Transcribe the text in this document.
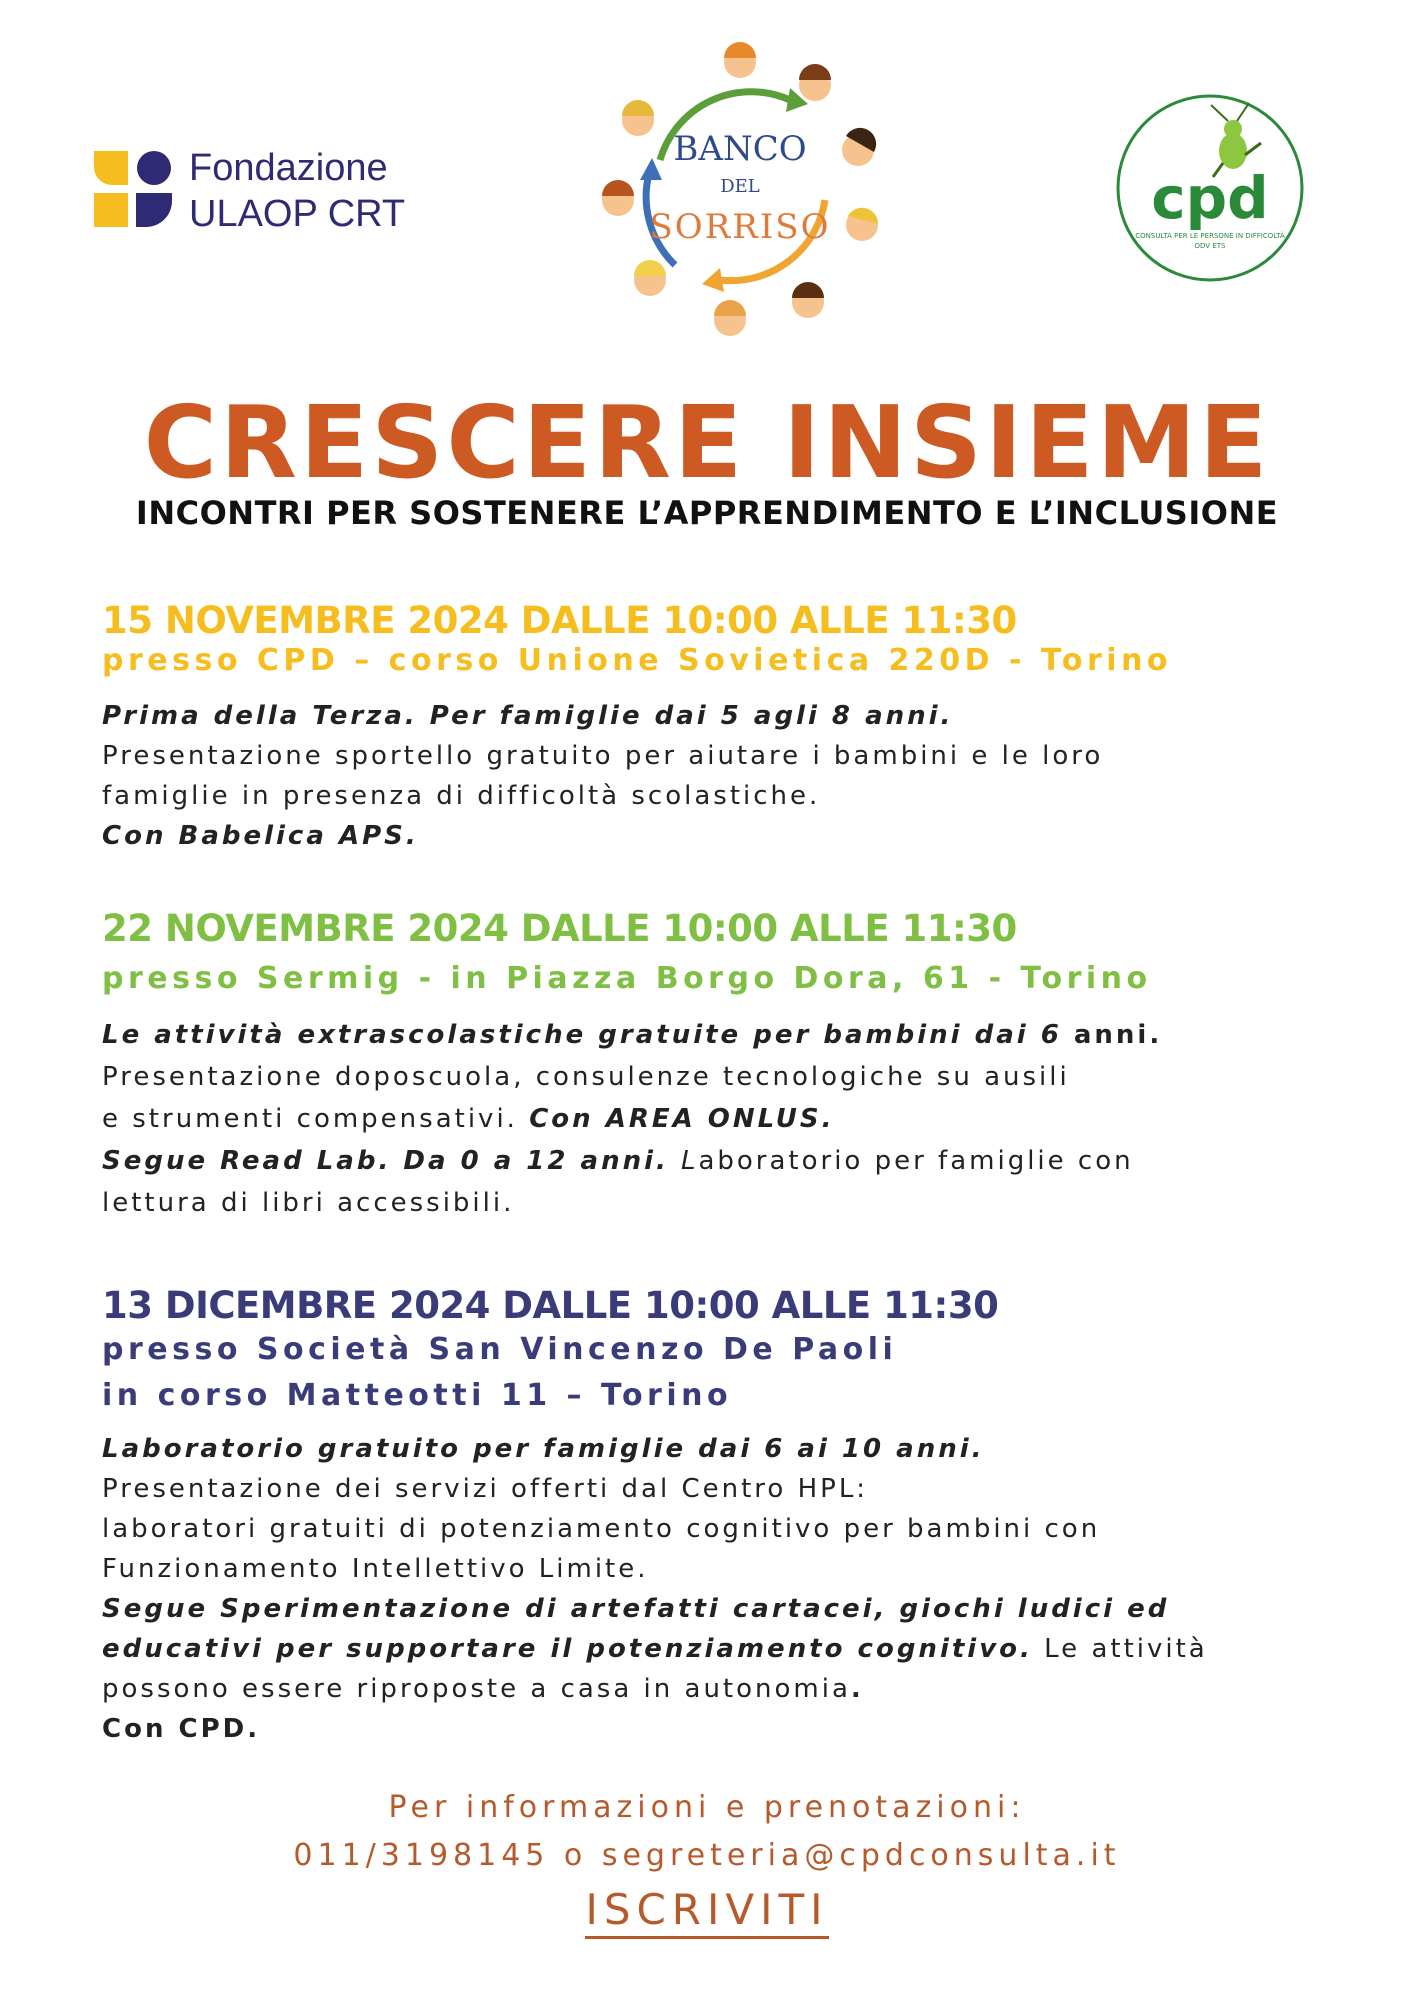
Fondazione
ULAOP CRT
BANCO
DEL
SORRISO	cpd
CONSULTA PER LE PERSONE IN DIFFICOLTÀ
ODV ETS
CRESCERE INSIEME
INCONTRI PER SOSTENERE L’APPRENDIMENTO E L’INCLUSIONE
15 NOVEMBRE 2024 DALLE 10:00 ALLE 11:30
presso CPD – corso Unione Sovietica 220D - Torino
Prima della Terza. Per famiglie dai 5 agli 8 anni.
Presentazione sportello gratuito per aiutare i bambini e le loro
famiglie in presenza di difficoltà scolastiche.
Con Babelica APS.
22 NOVEMBRE 2024 DALLE 10:00 ALLE 11:30
presso Sermig - in Piazza Borgo Dora, 61 - Torino
Le attività extrascolastiche gratuite per bambini dai 6 anni.
Presentazione doposcuola, consulenze tecnologiche su ausili
e strumenti compensativi. Con AREA ONLUS.
Segue Read Lab. Da 0 a 12 anni. Laboratorio per famiglie con
lettura di libri accessibili.
13 DICEMBRE 2024 DALLE 10:00 ALLE 11:30
presso Società San Vincenzo De Paoli
in corso Matteotti 11 – Torino
Laboratorio gratuito per famiglie dai 6 ai 10 anni.
Presentazione dei servizi offerti dal Centro HPL:
laboratori gratuiti di potenziamento cognitivo per bambini con
Funzionamento Intellettivo Limite.
Segue Sperimentazione di artefatti cartacei, giochi ludici ed
educativi per supportare il potenziamento cognitivo. Le attività
possono essere riproposte a casa in autonomia.
Con CPD.
Per informazioni e prenotazioni:
011/3198145 o segreteria@cpdconsulta.it
ISCRIVITI
